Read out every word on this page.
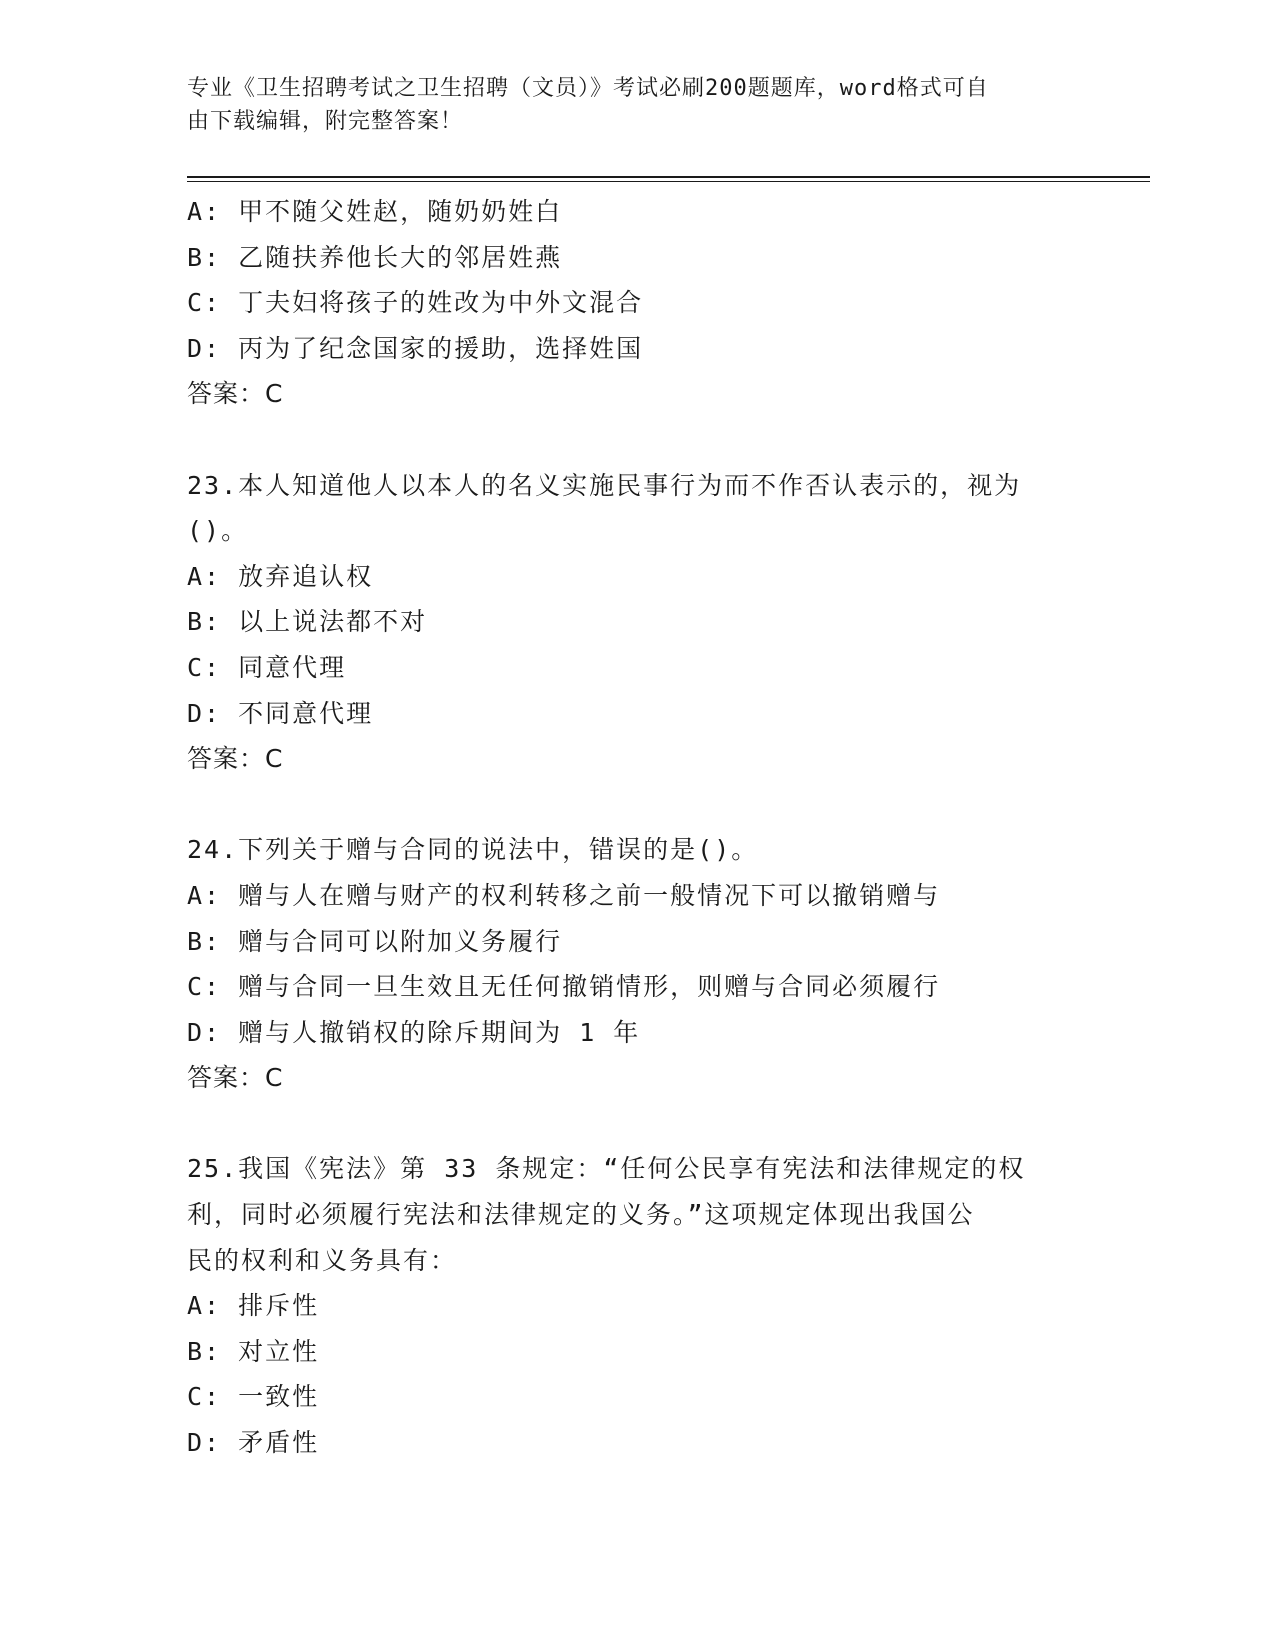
专业《卫生招聘考试之卫生招聘（文员）》考试必刷200题题库，word格式可自
由下载编辑，附完整答案！
A: 甲不随父姓赵，随奶奶姓白
B: 乙随扶养他长大的邻居姓燕
C: 丁夫妇将孩子的姓改为中外文混合
D: 丙为了纪念国家的援助，选择姓国
答案：C
23.本人知道他人以本人的名义实施民事行为而不作否认表示的，视为
()。
A: 放弃追认权
B: 以上说法都不对
C: 同意代理
D: 不同意代理
答案：C
24.下列关于赠与合同的说法中，错误的是()。
A: 赠与人在赠与财产的权利转移之前一般情况下可以撤销赠与
B: 赠与合同可以附加义务履行
C: 赠与合同一旦生效且无任何撤销情形，则赠与合同必须履行
D: 赠与人撤销权的除斥期间为 1 年
答案：C
25.我国《宪法》第 33 条规定：“任何公民享有宪法和法律规定的权
利，同时必须履行宪法和法律规定的义务。”这项规定体现出我国公
民的权利和义务具有：
A: 排斥性
B: 对立性
C: 一致性
D: 矛盾性
